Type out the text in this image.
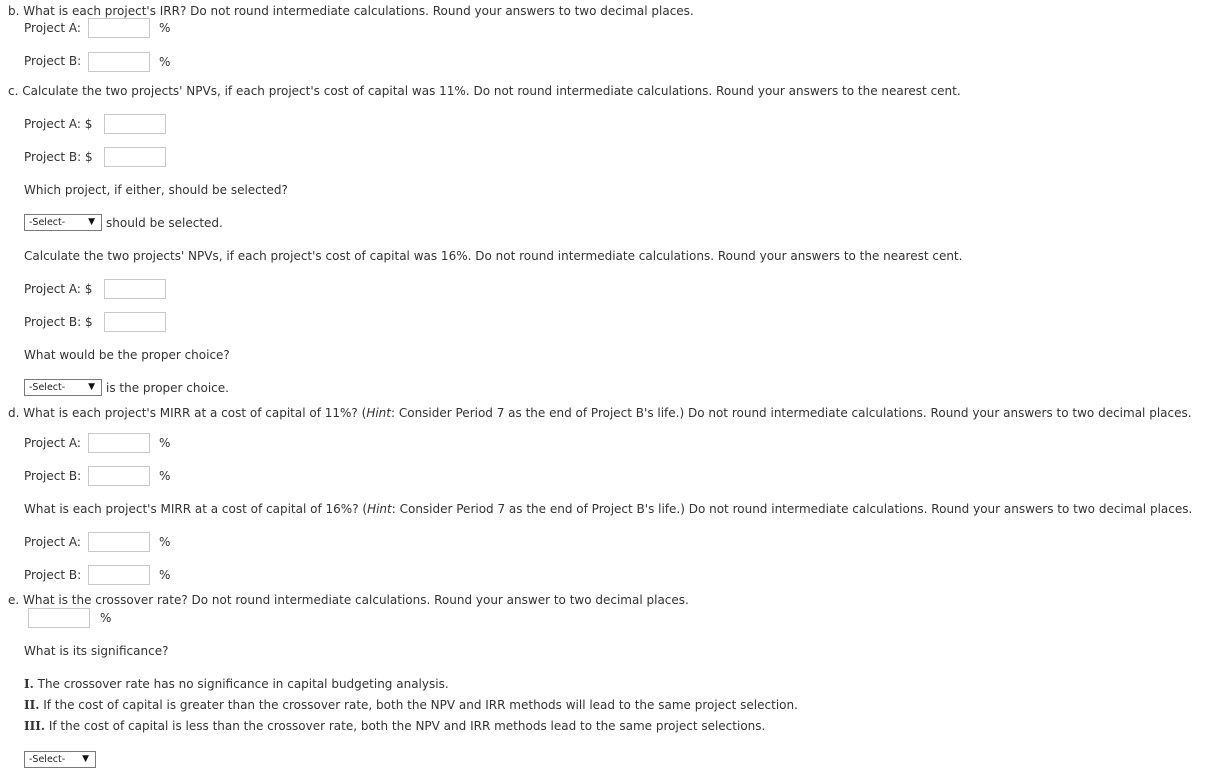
b. What is each project's IRR? Do not round intermediate calculations. Round your answers to two decimal places.
Project A:	%
Project B:	%
c. Calculate the two projects' NPVs, if each project's cost of capital was 11%. Do not round intermediate calculations. Round your answers to the nearest cent.
Project A: $
Project B: $
Which project, if either, should be selected?
-Select-	▼ should be selected.
Calculate the two projects' NPVs, if each project's cost of capital was 16%. Do not round intermediate calculations. Round your answers to the nearest cent.
Project A: $
Project B: $
What would be the proper choice?
-Select-	▼ is the proper choice.
d. What is each project's MIRR at a cost of capital of 11%? (Hint: Consider Period 7 as the end of Project B's life.) Do not round intermediate calculations. Round your answers to two decimal places.
Project A:	%
Project B:	%
What is each project's MIRR at a cost of capital of 16%? (Hint: Consider Period 7 as the end of Project B's life.) Do not round intermediate calculations. Round your answers to two decimal places.
Project A:	%
Project B:	%
e. What is the crossover rate? Do not round intermediate calculations. Round your answer to two decimal places.
%
What is its significance?
I. The crossover rate has no significance in capital budgeting analysis.
II. If the cost of capital is greater than the crossover rate, both the NPV and IRR methods will lead to the same project selection.
III. If the cost of capital is less than the crossover rate, both the NPV and IRR methods lead to the same project selections.
-Select- ▼
